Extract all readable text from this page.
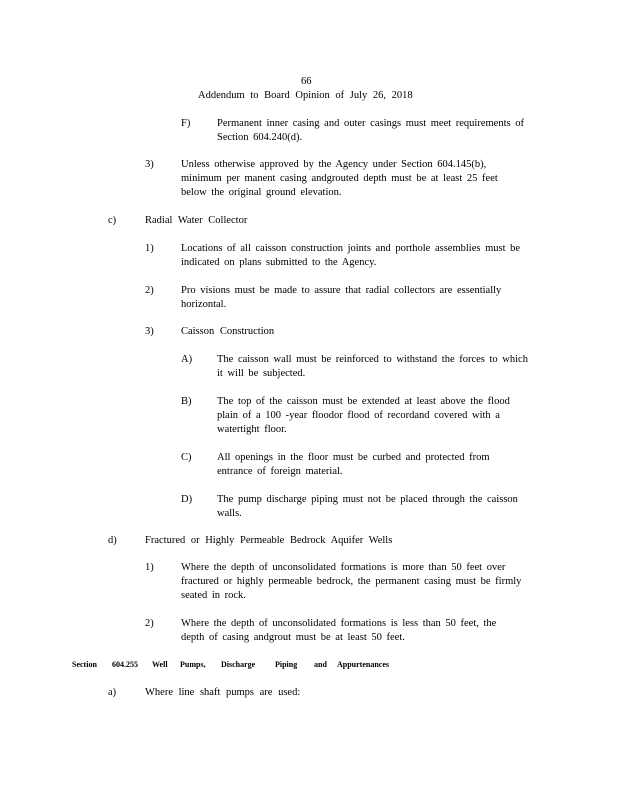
66
Addendum to Board Opinion of July 26, 2018
F)	Permanent inner casing and outer casings must meet requirements of Section 604.240(d).
3)	Unless otherwise approved by the Agency under Section 604.145(b), minimum per manent casing andgrouted depth must be at least 25 feet below the original ground elevation.
c)	Radial Water Collector
1)	Locations of all caisson construction joints and porthole assemblies must be indicated on plans submitted to the Agency.
2)	Pro visions must be made to assure that radial collectors are essentially horizontal.
3)	Caisson Construction
A) The caisson wall must be reinforced to withstand the forces to which it will be subjected.
B) The top of the caisson must be extended at least above the flood plain of a 100 -year floodor flood of recordand covered with a watertight floor.
C) All openings in the floor must be curbed and protected from entrance of foreign material.
D) The pump discharge piping must not be placed through the caisson walls.
d)	Fractured or Highly Permeable Bedrock Aquifer Wells
1)	Where the depth of unconsolidated formations is more than 50 feet over fractured or highly permeable bedrock, the permanent casing must be firmly seated in rock.
2)	Where the depth of unconsolidated formations is less than 50 feet, the depth of casing andgrout must be at least 50 feet.
Section 604.255 Well Pumps, Discharge Piping and Appurtenances
a)	Where line shaft pumps are used:
